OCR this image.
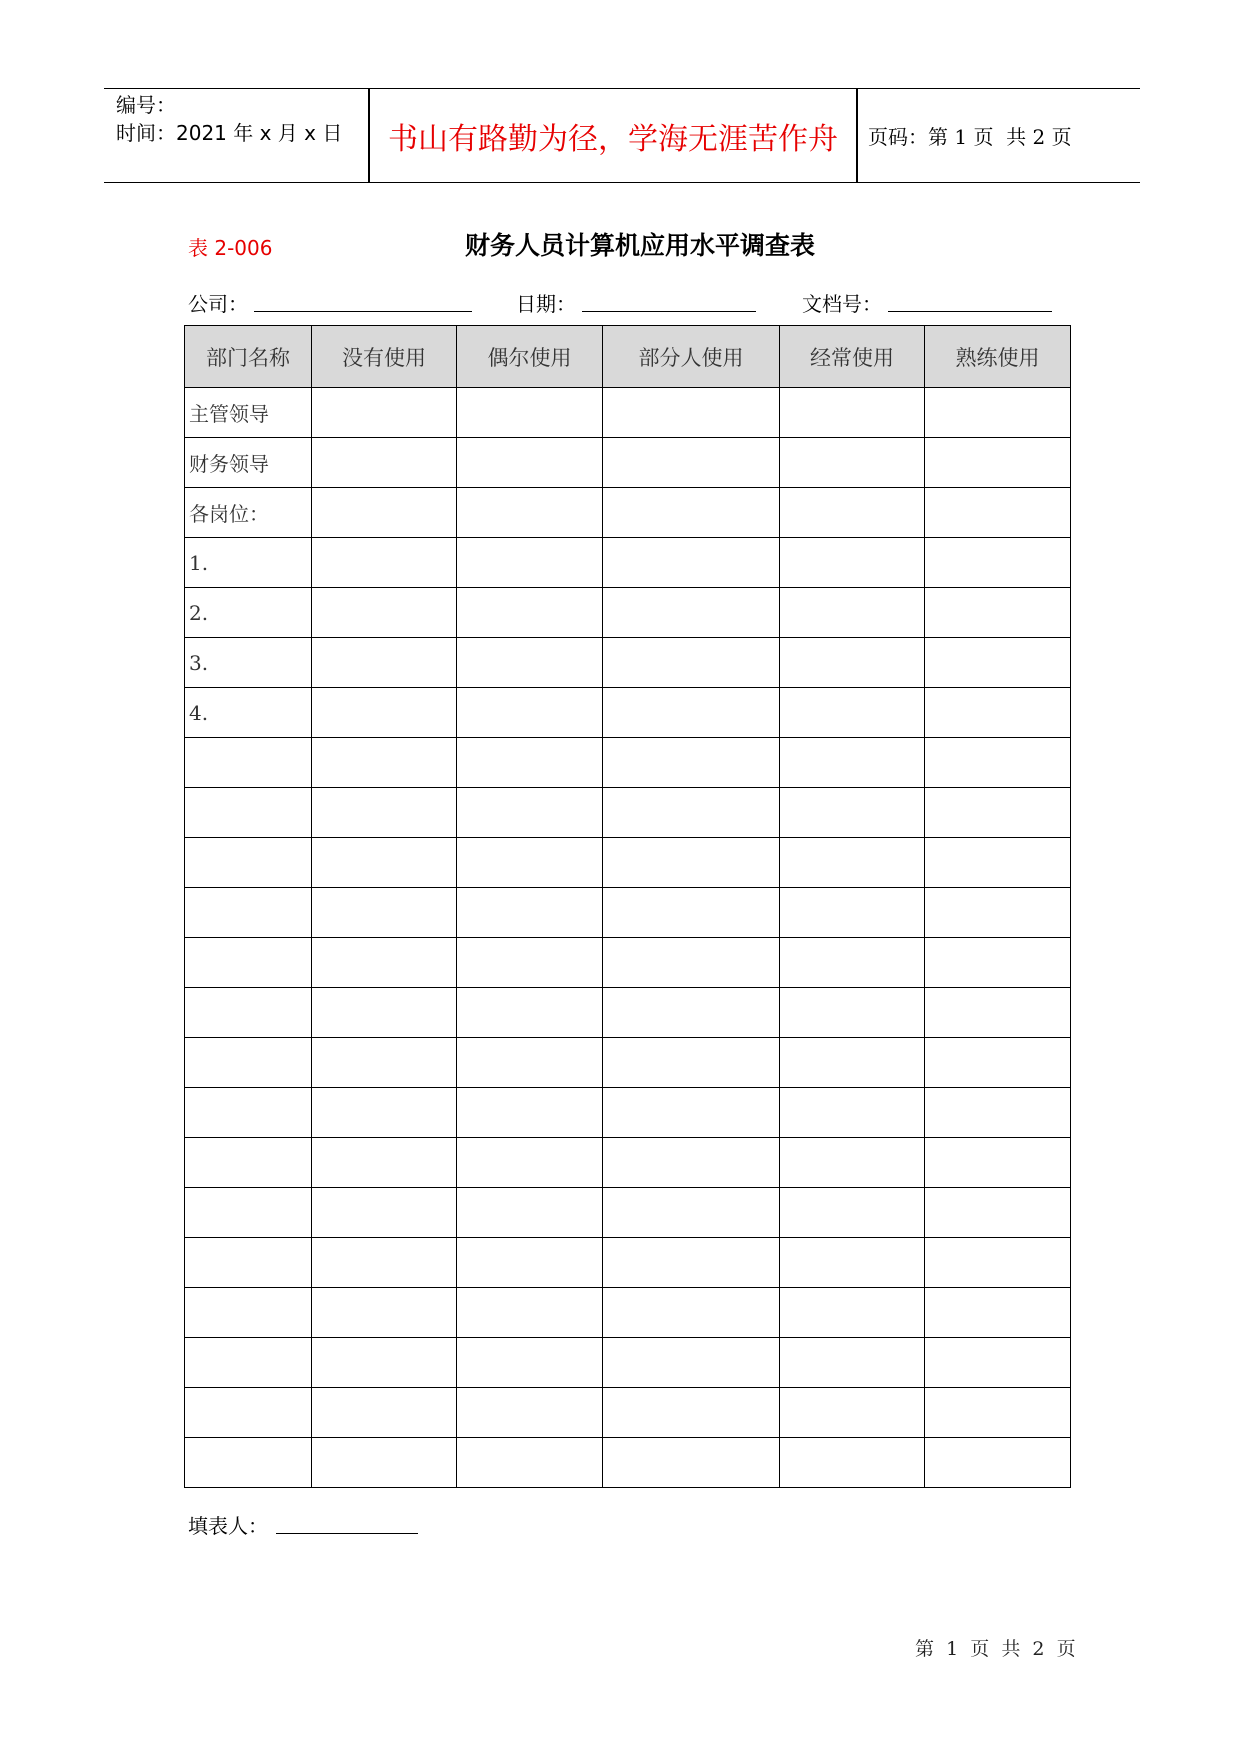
编号：
时间：2021 年 x 月 x 日	书山有路勤为径，学海无涯苦作舟	页码：第 1 页  共 2 页
表 2-006	财务人员计算机应用水平调查表
公司：	日期：	文档号：
部门名称	没有使用	偶尔使用	部分人使用	经常使用	熟练使用
主管领导					
财务领导					
各岗位：					
1.					
2.					
3.					
4.					

填表人：
第  1  页  共  2  页
